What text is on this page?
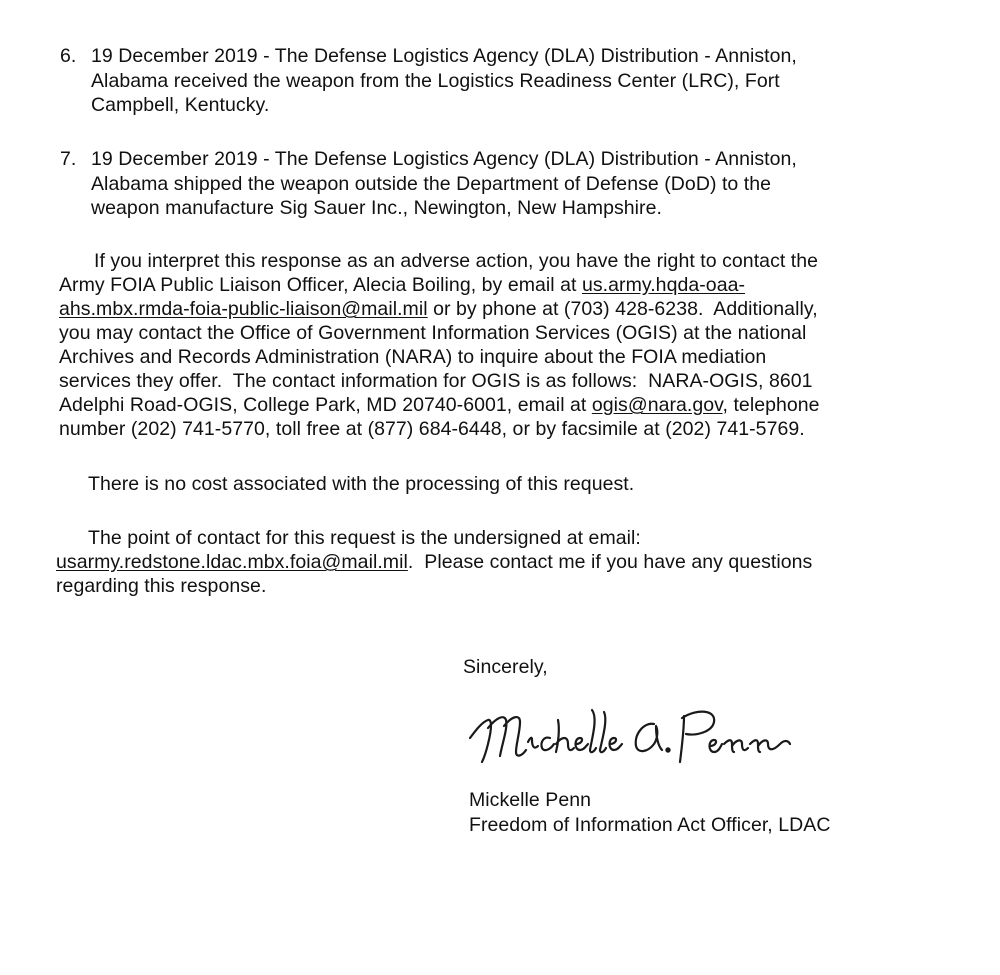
6. 19 December 2019 - The Defense Logistics Agency (DLA) Distribution - Anniston,
Alabama received the weapon from the Logistics Readiness Center (LRC), Fort
Campbell, Kentucky.
7. 19 December 2019 - The Defense Logistics Agency (DLA) Distribution - Anniston,
Alabama shipped the weapon outside the Department of Defense (DoD) to the
weapon manufacture Sig Sauer Inc., Newington, New Hampshire.
If you interpret this response as an adverse action, you have the right to contact the
Army FOIA Public Liaison Officer, Alecia Boiling, by email at us.army.hqda-oaa-
ahs.mbx.rmda-foia-public-liaison@mail.mil or by phone at (703) 428-6238.  Additionally,
you may contact the Office of Government Information Services (OGIS) at the national
Archives and Records Administration (NARA) to inquire about the FOIA mediation
services they offer.  The contact information for OGIS is as follows:  NARA-OGIS, 8601
Adelphi Road-OGIS, College Park, MD 20740-6001, email at ogis@nara.gov, telephone
number (202) 741-5770, toll free at (877) 684-6448, or by facsimile at (202) 741-5769.
There is no cost associated with the processing of this request.
The point of contact for this request is the undersigned at email:
usarmy.redstone.ldac.mbx.foia@mail.mil.  Please contact me if you have any questions
regarding this response.
Sincerely,
Mickelle Penn
Freedom of Information Act Officer, LDAC
